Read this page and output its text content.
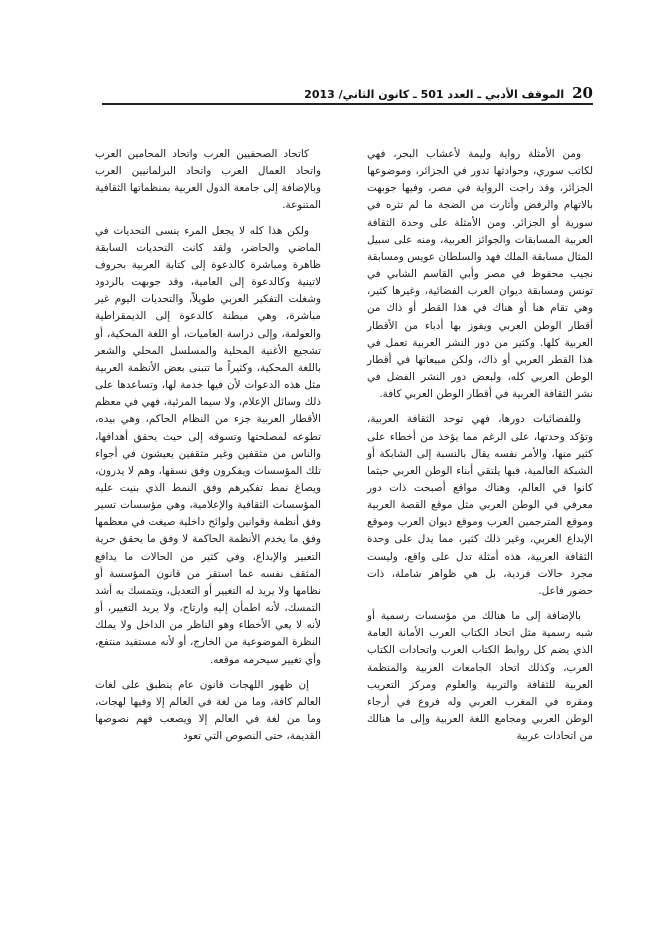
20
الموقف الأدبي ـ العدد 501 ـ كانون الثاني/ 2013

ومن الأمثلة رواية وليمة لأعشاب البحر، فهي لكاتب سوري، وحوادثها تدور في الجزائر، وموضوعها الجزائر، وقد راجت الرواية في مصر، وفيها جوبهت بالاتهام والرفض وأثارت من الضجة ما لم تثره في سورية أو الجزائر. ومن الأمثلة على وحدة الثقافة العربية المسابقات والجوائز العربية، ومنه على سبيل المثال مسابقة الملك فهد والسلطان عويس ومسابقة نجيب محفوظ في مصر وأبي القاسم الشابي في تونس ومسابقة ديوان العرب الفضائية، وغيرها كثير، وهي تقام هنا أو هناك في هذا القطر أو ذاك من أقطار الوطن العربي ويفوز بها أدباء من الأقطار العربية كلها. وكثير من دور النشر العربية تعمل في هذا القطر العربي أو ذاك، ولكن مبيعاتها في أقطار الوطن العربي كله، ولبعض دور النشر الفضل في نشر الثقافة العربية في أقطار الوطن العربي كافة.

وللفضائيات دورها، فهي توحد الثقافة العربية، وتؤكد وحدتها، على الرغم مما يؤخذ من أخطاء على كثير منها، والأمر نفسه يقال بالنسبة إلى الشابكة أو الشبكة العالمية، فبها يلتقي أبناء الوطن العربي حيثما كانوا في العالم، وهناك مواقع أصبحت ذات دور معرفي في الوطن العربي مثل موقع القصة العربية وموقع المترجمين العرب وموقع ديوان العرب وموقع الإبداع العربي، وغير ذلك كثير، مما يدل على وحدة الثقافة العربية، هذه أمثلة تدل على واقع، وليست مجرد حالات فردية، بل هي ظواهر شاملة، ذات حضور فاعل.

بالإضافة إلى ما هنالك من مؤسسات رسمية أو شبه رسمية مثل اتحاد الكتاب العرب الأمانة العامة الذي يضم كل روابط الكتاب العرب واتحادات الكتاب العرب، وكذلك اتحاد الجامعات العربية والمنظمة العربية للثقافة والتربية والعلوم ومركز التعريب ومقره في المغرب العربي وله فروع في أرجاء الوطن العربي ومجامع اللغة العربية وإلى ما هنالك من اتحادات عربية

كاتحاد الصحفيين العرب واتحاد المحامين العرب واتحاد العمال العرب واتحاد البرلمانيين العرب وبالإضافة إلى جامعة الدول العربية بمنظماتها الثقافية المتنوعة.

ولكن هذا كله لا يجعل المرء ينسى التحديات في الماضي والحاضر، ولقد كانت التحديات السابقة ظاهرة ومباشرة كالدعوة إلى كتابة العربية بحروف لاتينية وكالدعوة إلى العامية، وقد جوبهت بالردود وشغلت التفكير العربي طويلاً، والتحديات اليوم غير مباشرة، وهي مبطنة كالدعوة إلى الديمقراطية والعولمة، وإلى دراسة العاميات، أو اللغة المحكية، أو تشجيع الأغنية المحلية والمسلسل المحلي والشعر باللغة المحكية، وكثيراً ما تتبنى بعض الأنظمة العربية مثل هذه الدعوات لأن فيها خدمة لها، وتساعدها على ذلك وسائل الإعلام، ولا سيما المرئية، فهي في معظم الأقطار العربية جزء من النظام الحاكم، وهي بيده، تطوعه لمصلحتها وتسوقه إلى حيث يحقق أهدافها، والناس من مثقفين وغير مثقفين يعيشون في أجواء تلك المؤسسات ويفكرون وفق نسقها، وهم لا يدرون، ويصاغ نمط تفكيرهم وفق النمط الذي بنيت عليه المؤسسات الثقافية والإعلامية، وهي مؤسسات تسير وفق أنظمة وقوانين ولوائح داخلية صيغت في معظمها وفق ما يخدم الأنظمة الحاكمة لا وفق ما يحقق حرية التعبير والإبداع، وفي كثير من الحالات ما يدافع المثقف نفسه عما استقر من قانون المؤسسة أو نظامها ولا يريد له التغيير أو التعديل، ويتمسك به أشد التمسك، لأنه اطمأن إليه وارتاح، ولا يريد التغيير، أو لأنه لا يعي الأخطاء وهو الناظر من الداخل ولا يملك النظرة الموضوعية من الخارج، أو لأنه مستفيد منتفع، وأي تغيير سيحرمه موقعه.

إن ظهور اللهجات قانون عام ينطبق على لغات العالم كافة، وما من لغة في العالم إلا وفيها لهجات، وما من لغة في العالم إلا ويصعب فهم نصوصها القديمة، حتى النصوص التي تعود
